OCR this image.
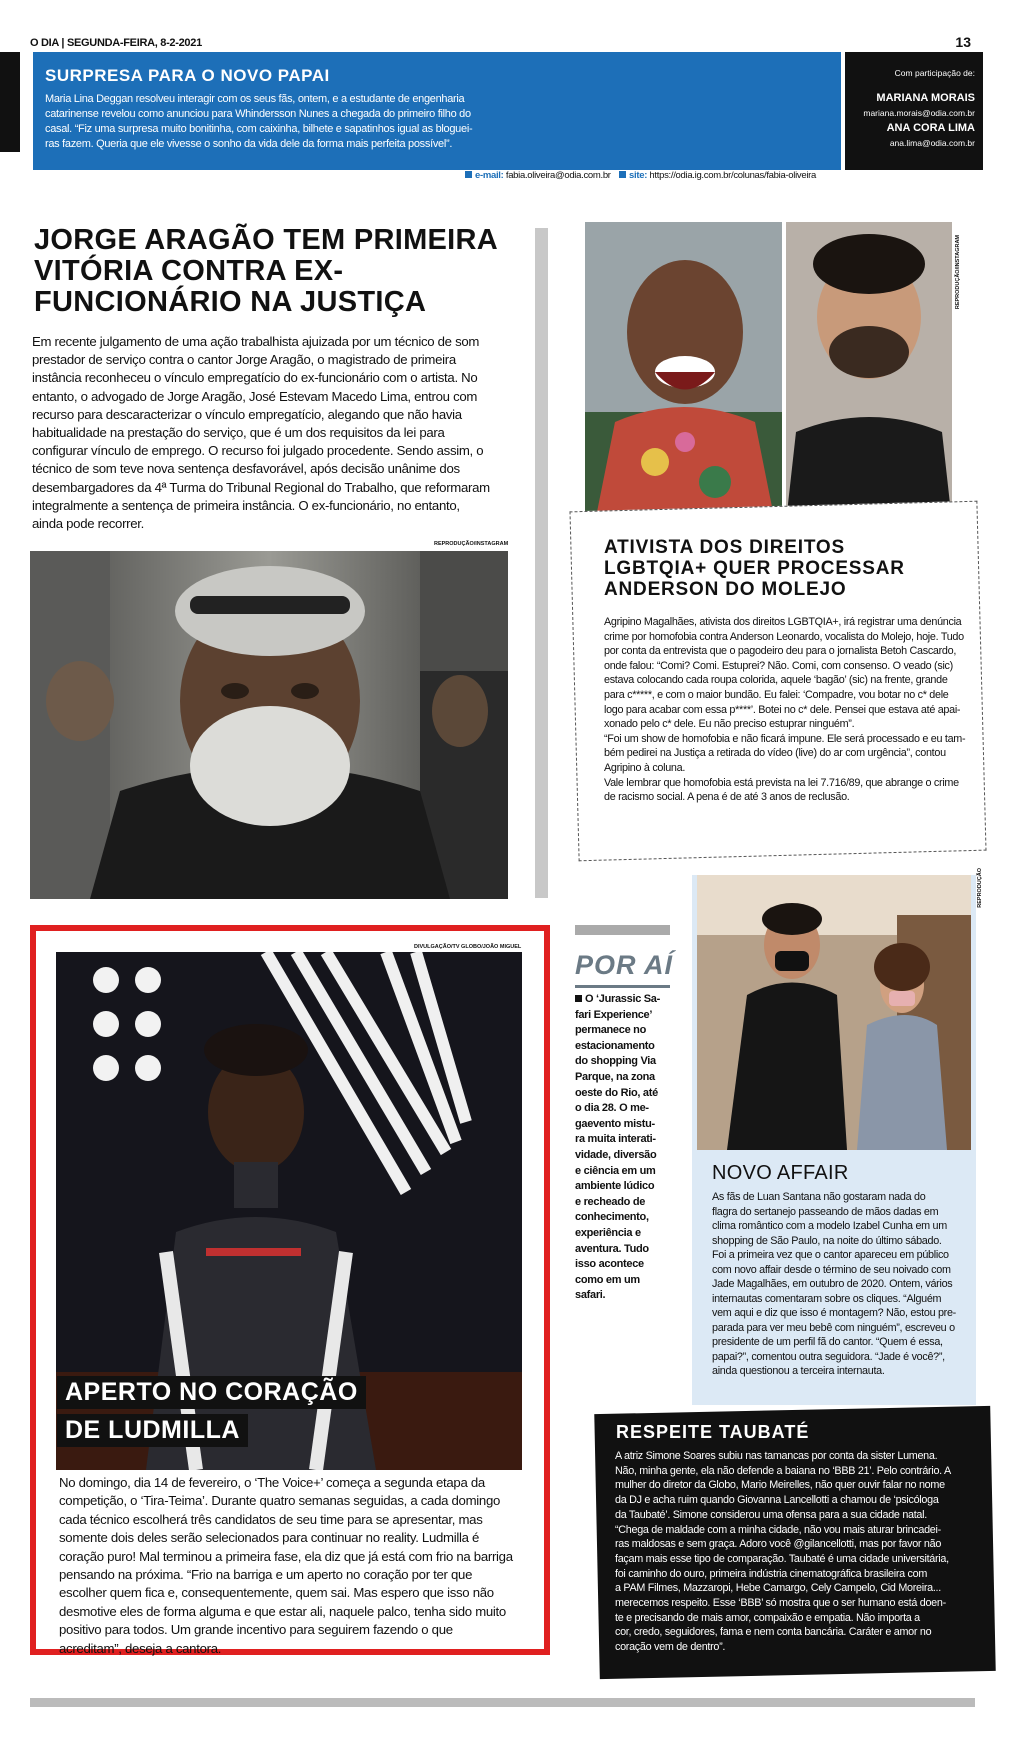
O DIA | SEGUNDA-FEIRA, 8-2-2021	13
SURPRESA PARA O NOVO PAPAI
Maria Lina Deggan resolveu interagir com os seus fãs, ontem, e a estudante de engenharia
catarinense revelou como anunciou para Whindersson Nunes a chegada do primeiro filho do
casal. “Fiz uma surpresa muito bonitinha, com caixinha, bilhete e sapatinhos igual as bloguei-
ras fazem. Queria que ele vivesse o sonho da vida dele da forma mais perfeita possível”.
Com participação de:
MARIANA MORAIS
mariana.morais@odia.com.br
ANA CORA LIMA
ana.lima@odia.com.br
e-mail: fabia.oliveira@odia.com.br site: https://odia.ig.com.br/colunas/fabia-oliveira
JORGE ARAGÃO TEM PRIMEIRA
VITÓRIA CONTRA EX-
FUNCIONÁRIO NA JUSTIÇA
Em recente julgamento de uma ação trabalhista ajuizada por um técnico de som
prestador de serviço contra o cantor Jorge Aragão, o magistrado de primeira
instância reconheceu o vínculo empregatício do ex-funcionário com o artista. No
entanto, o advogado de Jorge Aragão, José Estevam Macedo Lima, entrou com
recurso para descaracterizar o vínculo empregatício, alegando que não havia
habitualidade na prestação do serviço, que é um dos requisitos da lei para
configurar vínculo de emprego. O recurso foi julgado procedente. Sendo assim, o
técnico de som teve nova sentença desfavorável, após decisão unânime dos
desembargadores da 4ª Turma do Tribunal Regional do Trabalho, que reformaram
integralmente a sentença de primeira instância. O ex-funcionário, no entanto,
ainda pode recorrer.
REPRODUÇÃO/INSTAGRAM
REPRODUÇÃO/INSTAGRAM
ATIVISTA DOS DIREITOS
LGBTQIA+ QUER PROCESSAR
ANDERSON DO MOLEJO
Agripino Magalhães, ativista dos direitos LGBTQIA+, irá registrar uma denúncia
crime por homofobia contra Anderson Leonardo, vocalista do Molejo, hoje. Tudo
por conta da entrevista que o pagodeiro deu para o jornalista Betoh Cascardo,
onde falou: “Comi? Comi. Estuprei? Não. Comi, com consenso. O veado (sic)
estava colocando cada roupa colorida, aquele ‘bagão’ (sic) na frente, grande
para c*****, e com o maior bundão. Eu falei: ‘Compadre, vou botar no c* dele
logo para acabar com essa p****’. Botei no c* dele. Pensei que estava até apai-
xonado pelo c* dele. Eu não preciso estuprar ninguém”.
“Foi um show de homofobia e não ficará impune. Ele será processado e eu tam-
bém pedirei na Justiça a retirada do vídeo (live) do ar com urgência”, contou
Agripino à coluna.
Vale lembrar que homofobia está prevista na lei 7.716/89, que abrange o crime
de racismo social. A pena é de até 3 anos de reclusão.
DIVULGAÇÃO/TV GLOBO/JOÃO MIGUEL
APERTO NO CORAÇÃO
DE LUDMILLA
No domingo, dia 14 de fevereiro, o ‘The Voice+’ começa a segunda etapa da
competição, o ‘Tira-Teima’. Durante quatro semanas seguidas, a cada domingo
cada técnico escolherá três candidatos de seu time para se apresentar, mas
somente dois deles serão selecionados para continuar no reality. Ludmilla é
coração puro! Mal terminou a primeira fase, ela diz que já está com frio na barriga
pensando na próxima. “Frio na barriga e um aperto no coração por ter que
escolher quem fica e, consequentemente, quem sai. Mas espero que isso não
desmotive eles de forma alguma e que estar ali, naquele palco, tenha sido muito
positivo para todos. Um grande incentivo para seguirem fazendo o que
acreditam”, deseja a cantora.
POR AÍ
O ‘Jurassic Sa-
fari Experience’
permanece no
estacionamento
do shopping Via
Parque, na zona
oeste do Rio, até
o dia 28. O me-
gaevento mistu-
ra muita interati-
vidade, diversão
e ciência em um
ambiente lúdico
e recheado de
conhecimento,
experiência e
aventura. Tudo
isso acontece
como em um
safari.
REPRODUÇÃO
NOVO AFFAIR
As fãs de Luan Santana não gostaram nada do
flagra do sertanejo passeando de mãos dadas em
clima romântico com a modelo Izabel Cunha em um
shopping de São Paulo, na noite do último sábado.
Foi a primeira vez que o cantor apareceu em público
com novo affair desde o término de seu noivado com
Jade Magalhães, em outubro de 2020. Ontem, vários
internautas comentaram sobre os cliques. “Alguém
vem aqui e diz que isso é montagem? Não, estou pre-
parada para ver meu bebê com ninguém”, escreveu o
presidente de um perfil fã do cantor. “Quem é essa,
papai?”, comentou outra seguidora. “Jade é você?”,
ainda questionou a terceira internauta.
RESPEITE TAUBATÉ
A atriz Simone Soares subiu nas tamancas por conta da sister Lumena.
Não, minha gente, ela não defende a baiana no ‘BBB 21’. Pelo contrário. A
mulher do diretor da Globo, Mario Meirelles, não quer ouvir falar no nome
da DJ e acha ruim quando Giovanna Lancellotti a chamou de ‘psicóloga
da Taubaté’. Simone considerou uma ofensa para a sua cidade natal.
“Chega de maldade com a minha cidade, não vou mais aturar brincadei-
ras maldosas e sem graça. Adoro você @gilancellotti, mas por favor não
façam mais esse tipo de comparação. Taubaté é uma cidade universitária,
foi caminho do ouro, primeira indústria cinematográfica brasileira com
a PAM Filmes, Mazzaropi, Hebe Camargo, Cely Campelo, Cid Moreira...
merecemos respeito. Esse ‘BBB’ só mostra que o ser humano está doen-
te e precisando de mais amor, compaixão e empatia. Não importa a
cor, credo, seguidores, fama e nem conta bancária. Caráter e amor no
coração vem de dentro”.
